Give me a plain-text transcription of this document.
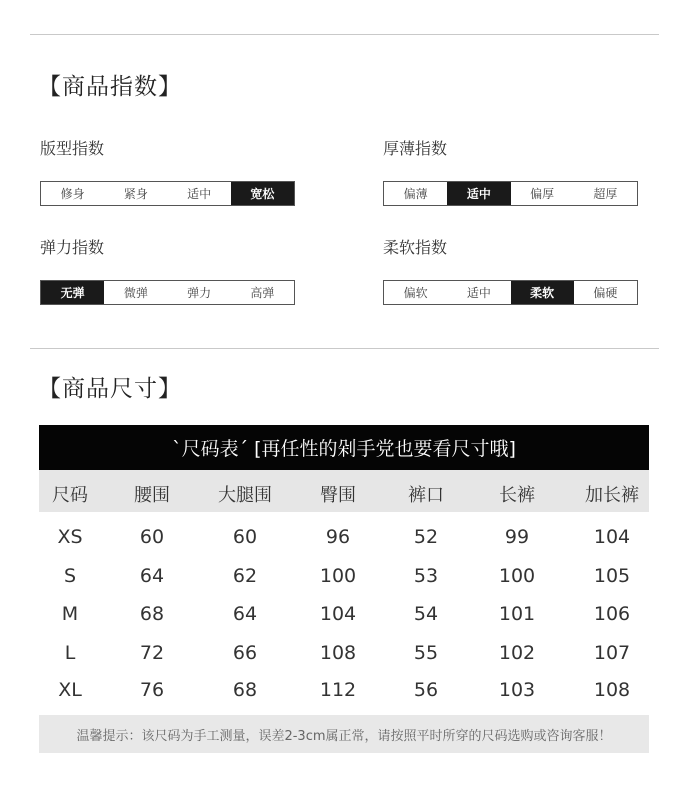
【商品指数】
版型指数
修身	紧身	适中	宽松
厚薄指数
偏薄	适中	偏厚	超厚
弹力指数
无弹	微弹	弹力	高弹
柔软指数
偏软	适中	柔软	偏硬
【商品尺寸】
ˋ尺码表ˊ [再任性的剁手党也要看尺寸哦]
尺码	腰围	大腿围	臀围	裤口	长裤	加长裤
XS	60	60	96	52	99	104
S	64	62	100	53	100	105
M	68	64	104	54	101	106
L	72	66	108	55	102	107
XL	76	68	112	56	103	108
温馨提示：该尺码为手工测量，误差2-3cm属正常，请按照平时所穿的尺码选购或咨询客服！
